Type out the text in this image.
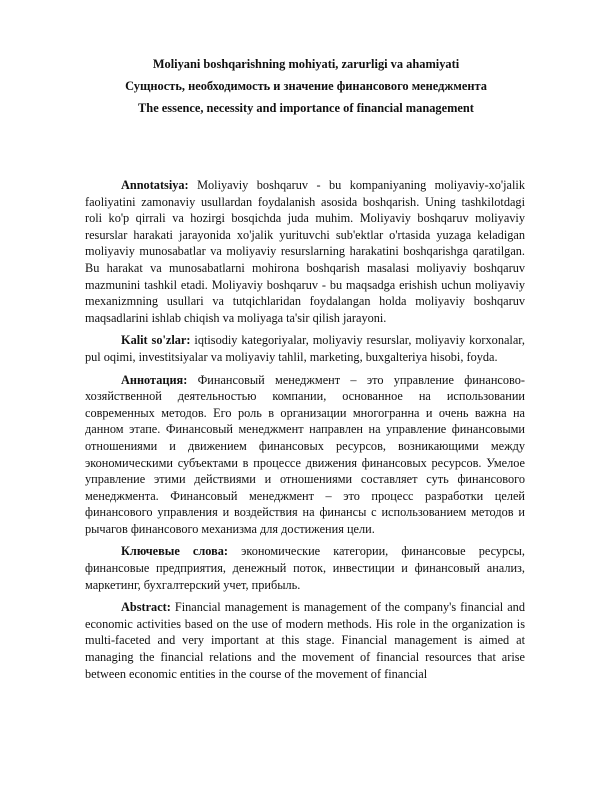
Moliyani boshqarishning mohiyati, zarurligi va ahamiyati

Сущность, необходимость и значение финансового менеджмента

The essence, necessity and importance of financial management

Annotatsiya: Moliyaviy boshqaruv - bu kompaniyaning moliyaviy-xo'jalik faoliyatini zamonaviy usullardan foydalanish asosida boshqarish. Uning tashkilotdagi roli ko'p qirrali va hozirgi bosqichda juda muhim. Moliyaviy boshqaruv moliyaviy resurslar harakati jarayonida xo'jalik yurituvchi sub'ektlar o'rtasida yuzaga keladigan moliyaviy munosabatlar va moliyaviy resurslarning harakatini boshqarishga qaratilgan. Bu harakat va munosabatlarni mohirona boshqarish masalasi moliyaviy boshqaruv mazmunini tashkil etadi. Moliyaviy boshqaruv - bu maqsadga erishish uchun moliyaviy mexanizmning usullari va tutqichlaridan foydalangan holda moliyaviy boshqaruv maqsadlarini ishlab chiqish va moliyaga ta'sir qilish jarayoni.

Kalit so'zlar: iqtisodiy kategoriyalar, moliyaviy resurslar, moliyaviy korxonalar, pul oqimi, investitsiyalar va moliyaviy tahlil, marketing, buxgalteriya hisobi, foyda.

Аннотация: Финансовый менеджмент – это управление финансово-хозяйственной деятельностью компании, основанное на использовании современных методов. Его роль в организации многогранна и очень важна на данном этапе. Финансовый менеджмент направлен на управление финансовыми отношениями и движением финансовых ресурсов, возникающими между экономическими субъектами в процессе движения финансовых ресурсов. Умелое управление этими действиями и отношениями составляет суть финансового менеджмента. Финансовый менеджмент – это процесс разработки целей финансового управления и воздействия на финансы с использованием методов и рычагов финансового механизма для достижения цели.

Ключевые слова: экономические категории, финансовые ресурсы, финансовые предприятия, денежный поток, инвестиции и финансовый анализ, маркетинг, бухгалтерский учет, прибыль.

Abstract: Financial management is management of the company's financial and economic activities based on the use of modern methods. His role in the organization is multi-faceted and very important at this stage. Financial management is aimed at managing the financial relations and the movement of financial resources that arise between economic entities in the course of the movement of financial
